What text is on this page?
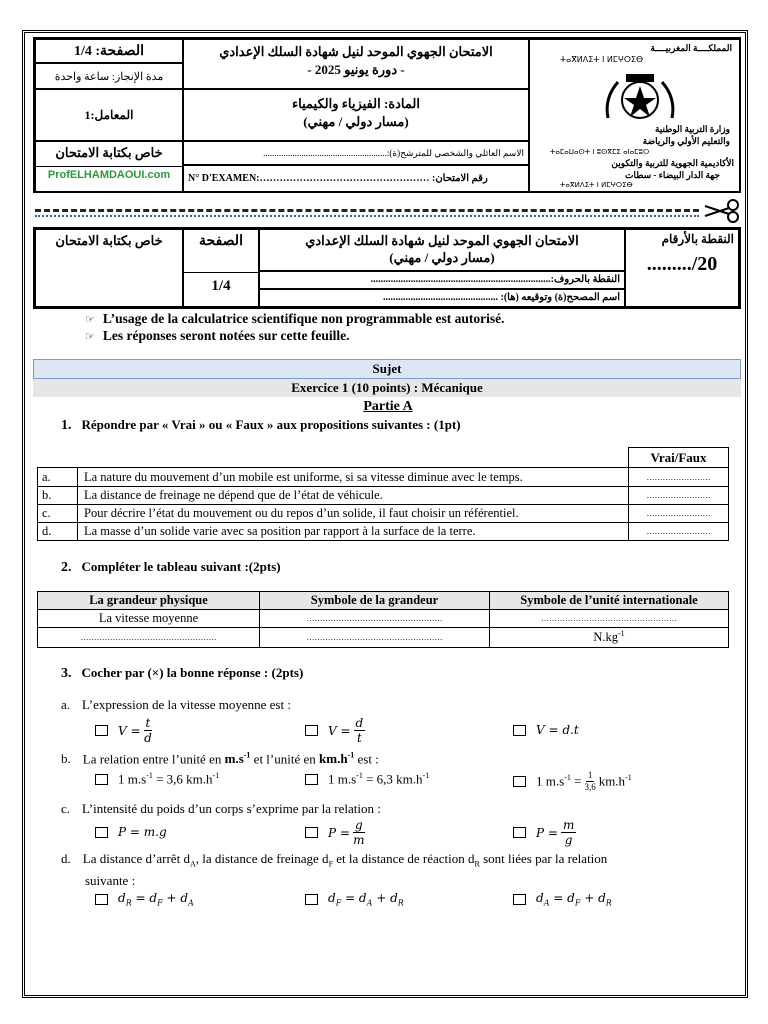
الصفحة: 1/4
مدة الإنجاز: ساعة واحدة
المعامل:1
خاص بكتابة الامتحان
ProfELHAMDAOUI.com
الامتحان الجهوي الموحد لنيل شهادة السلك الإعدادي
- دورة يونيو 2025 -
المادة: الفيزياء والكيمياء
(مسار دولي / مهني)
الاسم العائلي والشخصي للمترشح(ة):.......................................................
N° D'EXAMEN:…………………………………………… :رقم الامتحان
المملكــــة المغربيــــة
ⵜⴰⴳⵍⴷⵉⵜ ⵏ ⵍⵎⵖⵔⵉⴱ
وزارة التربية الوطنية
والتعليم الأولي والرياضة
ⵜⴰⵎⴰⵡⴰⵙⵜ ⵏ ⵓⵙⴳⵎⵉ ⴰⵏⴰⵎⵓⵔ
الأكاديمية الجهوية للتربية والتكوين
جهة الدار البيضاء - سطات
ⵜⴰⴳⵍⴷⵉⵜ ⵏ ⵍⵎⵖⵔⵉⴱ
خاص بكتابة الامتحان	الصفحة
1/4
الامتحان الجهوي الموحد لنيل شهادة السلك الإعدادي
(مسار دولي / مهني)
النقطة بالحروف:........................................................................
اسم المصحح(ة) وتوقيعه (ها): ..............................................
النقطة بالأرقام
........./20
☞ L’usage de la calculatrice scientifique non programmable est autorisé.
☞ Les réponses seront notées sur cette feuille.
Sujet
Exercice 1 (10 points) : Mécanique
Partie A
1. Répondre par « Vrai » ou « Faux » aux propositions suivantes : (1pt)
		Vrai/Faux
a.	La nature du mouvement d’un mobile est uniforme, si sa vitesse diminue avec le temps.	……………………
b.	La distance de freinage ne dépend que de l’état de véhicule.	……………………
c.	Pour décrire l’état du mouvement ou du repos d’un solide, il faut choisir un référentiel.	……………………
d.	La masse d’un solide varie avec sa position par rapport à la surface de la terre.	……………………
2. Compléter le tableau suivant :(2pts)
La grandeur physique	Symbole de la grandeur	Symbole de l’unité internationale
La vitesse moyenne	……………………………………………	……………………………………………
……………………………………………	……………………………………………	$N.kg^{-1}$
3. Cocher par (×) la bonne réponse : (2pts)
a. L’expression de la vitesse moyenne est :
$V = \frac{t}{d}$	$V = \frac{d}{t}$	V = d.t
b. La relation entre l’unité en $m.s^{-1}$ et l’unité en $km.h^{-1}$ est :
1 $m.s^{-1} = 3,6$ $km.h^{-1}$	1 $m.s^{-1} = 6,3$ $km.h^{-1}$	1 $m.s^{-1} = \frac{1}{3,6} km.h^{-1}$
c. L’intensité du poids d’un corps s’exprime par la relation :
P = m.g	$P = \frac{g}{m}$	$P = \frac{m}{g}$
d. La distance d’arrêt $d_A$, la distance de freinage $d_F$ et la distance de réaction $d_R$ sont liées par la relation
suivante :
$d_R = d_F + d_A$	$d_F = d_A + d_R$	$d_A = d_F + d_R$
